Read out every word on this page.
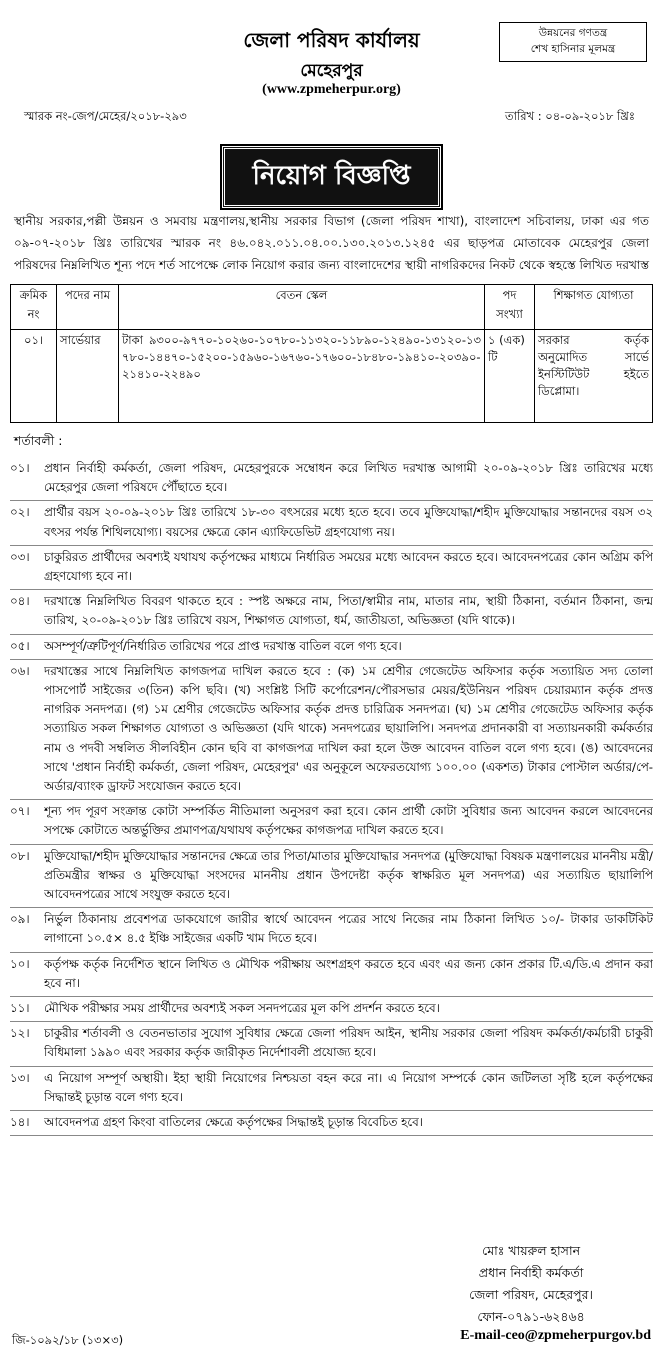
জেলা পরিষদ কার্যালয়
মেহেরপুর
(www.zpmeherpur.org)
উন্নয়নের গণতন্ত্র
শেখ হাসিনার মূলমন্ত্র
স্মারক নং-জেপ/মেহের/২০১৮-২৯৩	তারিখ : ০৪-০৯-২০১৮ খ্রিঃ
নিয়োগ বিজ্ঞপ্তি
স্থানীয় সরকার,পল্লী উন্নয়ন ও সমবায় মন্ত্রণালয়,স্থানীয় সরকার বিভাগ (জেলা পরিষদ শাখা), বাংলাদেশ সচিবালয়, ঢাকা এর গত ০৯-০৭-২০১৮ খ্রিঃ তারিখের স্মারক নং ৪৬.০৪২.০১১.০৪.০০.১৩০.২০১৩.১২৪৫ এর ছাড়পত্র মোতাবেক মেহেরপুর জেলা পরিষদের নিম্নলিখিত শূন্য পদে শর্ত সাপেক্ষে লোক নিয়োগ করার জন্য বাংলাদেশের স্থায়ী নাগরিকদের নিকট থেকে স্বহস্তে লিখিত দরখাস্ত
ক্রমিক নং	পদের নাম	বেতন স্কেল	পদ সংখ্যা	শিক্ষাগত যোগ্যতা
০১।	সার্ভেয়ার	টাকা ৯৩০০-৯৭৭০-১০২৬০-১০৭৮০-১১৩২০-১১৮৯০-১২৪৯০-১৩১২০-১৩৭৮০-১৪৪৭০-১৫২০০-১৫৯৬০-১৬৭৬০-১৭৬০০-১৮৪৮০-১৯৪১০-২০৩৯০-২১৪১০-২২৪৯০	১ (এক) টি	সরকার কর্তৃক অনুমোদিত সার্ভে ইনস্টিটিউট হইতে ডিপ্লোমা।
শর্তাবলী :
০১।	প্রধান নির্বাহী কর্মকর্তা, জেলা পরিষদ, মেহেরপুরকে সম্বোধন করে লিখিত দরখাস্ত আগামী ২০-০৯-২০১৮ খ্রিঃ তারিখের মধ্যে মেহেরপুর জেলা পরিষদে পৌঁছাতে হবে।
০২।	প্রার্থীর বয়স ২০-০৯-২০১৮ খ্রিঃ তারিখে ১৮-৩০ বৎসরের মধ্যে হতে হবে। তবে মুক্তিযোদ্ধা/শহীদ মুক্তিযোদ্ধার সন্তানদের বয়স ৩২ বৎসর পর্যন্ত শিথিলযোগ্য। বয়সের ক্ষেত্রে কোন এ্যাফিডেভিট গ্রহণযোগ্য নয়।
০৩।	চাকুরিরত প্রার্থীদের অবশ্যই যথাযথ কর্তৃপক্ষের মাধ্যমে নির্ধারিত সময়ের মধ্যে আবেদন করতে হবে। আবেদনপত্রের কোন অগ্রিম কপি গ্রহণযোগ্য হবে না।
০৪।	দরখাস্তে নিম্নলিখিত বিবরণ থাকতে হবে : স্পষ্ট অক্ষরে নাম, পিতা/স্বামীর নাম, মাতার নাম, স্থায়ী ঠিকানা, বর্তমান ঠিকানা, জন্ম তারিখ, ২০-০৯-২০১৮ খ্রিঃ তারিখে বয়স, শিক্ষাগত যোগ্যতা, ধর্ম, জাতীয়তা, অভিজ্ঞতা (যদি থাকে)।
০৫।	অসম্পূর্ণ/ত্রুটিপূর্ণ/নির্ধারিত তারিখের পরে প্রাপ্ত দরখাস্ত বাতিল বলে গণ্য হবে।
০৬।	দরখাস্তের সাথে নিম্নলিখিত কাগজপত্র দাখিল করতে হবে : (ক) ১ম শ্রেণীর গেজেটেড অফিসার কর্তৃক সত্যায়িত সদ্য তোলা পাসপোর্ট সাইজের ৩(তিন) কপি ছবি। (খ) সংশ্লিষ্ট সিটি কর্পোরেশন/পৌরসভার মেয়র/ইউনিয়ন পরিষদ চেয়ারম্যান কর্তৃক প্রদত্ত নাগরিক সনদপত্র। (গ) ১ম শ্রেণীর গেজেটেড অফিসার কর্তৃক প্রদত্ত চারিত্রিক সনদপত্র। (ঘ) ১ম শ্রেণীর গেজেটেড অফিসার কর্তৃক সত্যায়িত সকল শিক্ষাগত যোগ্যতা ও অভিজ্ঞতা (যদি থাকে) সনদপত্রের ছায়ালিপি। সনদপত্র প্রদানকারী বা সত্যায়নকারী কর্মকর্তার নাম ও পদবী সম্বলিত সীলবিহীন কোন ছবি বা কাগজপত্র দাখিল করা হলে উক্ত আবেদন বাতিল বলে গণ্য হবে। (ঙ) আবেদনের সাথে 'প্রধান নির্বাহী কর্মকর্তা, জেলা পরিষদ, মেহেরপুর' এর অনুকূলে অফেরতযোগ্য ১০০.০০ (একশত) টাকার পোস্টাল অর্ডার/পে-অর্ডার/ব্যাংক ড্রাফট সংযোজন করতে হবে।
০৭।	শূন্য পদ পূরণ সংক্রান্ত কোটা সম্পর্কিত নীতিমালা অনুসরণ করা হবে। কোন প্রার্থী কোটা সুবিধার জন্য আবেদন করলে আবেদনের সপক্ষে কোটাতে অন্তর্ভুক্তির প্রমাণপত্র/যথাযথ কর্তৃপক্ষের কাগজপত্র দাখিল করতে হবে।
০৮।	মুক্তিযোদ্ধা/শহীদ মুক্তিযোদ্ধার সন্তানদের ক্ষেত্রে তার পিতা/মাতার মুক্তিযোদ্ধার সনদপত্র (মুক্তিযোদ্ধা বিষয়ক মন্ত্রণালয়ের মাননীয় মন্ত্রী/প্রতিমন্ত্রীর স্বাক্ষর ও মুক্তিযোদ্ধা সংসদের মাননীয় প্রধান উপদেষ্টা কর্তৃক স্বাক্ষরিত মূল সনদপত্র) এর সত্যায়িত ছায়ালিপি আবেদনপত্রের সাথে সংযুক্ত করতে হবে।
০৯।	নির্ভুল ঠিকানায় প্রবেশপত্র ডাকযোগে জারীর স্বার্থে আবেদন পত্রের সাথে নিজের নাম ঠিকানা লিখিত ১০/- টাকার ডাকটিকিট লাগানো ১০.৫× ৪.৫ ইঞ্চি সাইজের একটি খাম দিতে হবে।
১০।	কর্তৃপক্ষ কর্তৃক নির্দেশিত স্থানে লিখিত ও মৌখিক পরীক্ষায় অংশগ্রহণ করতে হবে এবং এর জন্য কোন প্রকার টি.এ/ডি.এ প্রদান করা হবে না।
১১।	মৌখিক পরীক্ষার সময় প্রার্থীদের অবশ্যই সকল সনদপত্রের মূল কপি প্রদর্শন করতে হবে।
১২।	চাকুরীর শর্তাবলী ও বেতনভাতার সুযোগ সুবিধার ক্ষেত্রে জেলা পরিষদ আইন, স্থানীয় সরকার জেলা পরিষদ কর্মকর্তা/কর্মচারী চাকুরী বিধিমালা ১৯৯০ এবং সরকার কর্তৃক জারীকৃত নির্দেশাবলী প্রযোজ্য হবে।
১৩।	এ নিয়োগ সম্পূর্ণ অস্থায়ী। ইহা স্থায়ী নিয়োগের নিশ্চয়তা বহন করে না। এ নিয়োগ সম্পর্কে কোন জটিলতা সৃষ্টি হলে কর্তৃপক্ষের সিদ্ধান্তই চূড়ান্ত বলে গণ্য হবে।
১৪।	আবেদনপত্র গ্রহণ কিংবা বাতিলের ক্ষেত্রে কর্তৃপক্ষের সিদ্ধান্তই চূড়ান্ত বিবেচিত হবে।
মোঃ খায়রুল হাসান
প্রধান নির্বাহী কর্মকর্তা
জেলা পরিষদ, মেহেরপুর।
ফোন-০৭৯১-৬২৪৬৪
জি-১০৯২/১৮ (১৩×৩)	E-mail-ceo@zpmeherpurgov.bd
